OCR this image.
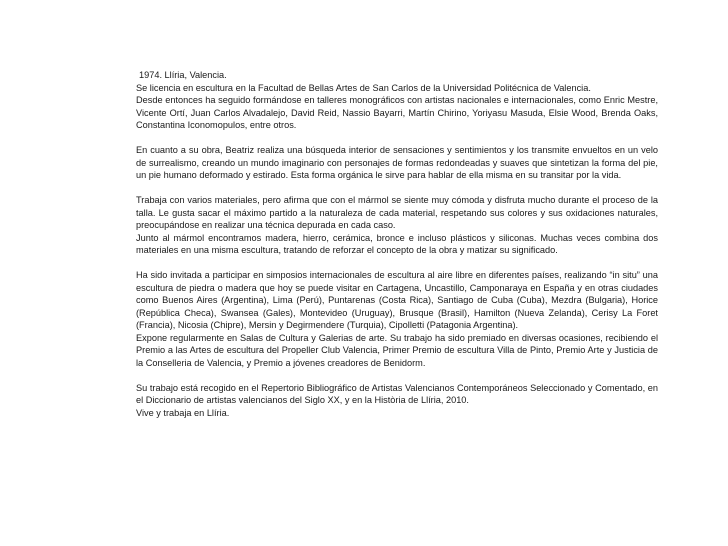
1974. Llíria, Valencia.
Se licencia en escultura en la Facultad de Bellas Artes de San Carlos de la Universidad Politécnica de Valencia.
Desde entonces ha seguido formándose en talleres monográficos con artistas nacionales e internacionales, como Enric Mestre, Vicente Ortí, Juan Carlos Alvadalejo, David Reid, Nassio Bayarri, Martín Chirino, Yoriyasu Masuda, Elsie Wood, Brenda Oaks, Constantina Iconomopulos, entre otros.
En cuanto a su obra, Beatriz realiza una búsqueda interior de sensaciones y sentimientos y los transmite envueltos en un velo de surrealismo, creando un mundo imaginario con personajes de formas redondeadas y suaves que sintetizan la forma del pie, un pie humano deformado y estirado. Esta forma orgánica le sirve para hablar de ella misma en su transitar por la vida.
Trabaja con varios materiales, pero afirma que con el mármol se siente muy cómoda y disfruta mucho durante el proceso de la talla. Le gusta sacar el máximo partido a la naturaleza de cada material, respetando sus colores y sus oxidaciones naturales, preocupándose en realizar una técnica depurada en cada caso.
Junto al mármol encontramos madera, hierro, cerámica, bronce e incluso plásticos y siliconas. Muchas veces combina dos materiales en una misma escultura, tratando de reforzar el concepto de la obra y matizar su significado.
Ha sido invitada a participar en simposios internacionales de escultura al aire libre en diferentes países, realizando “in situ” una escultura de piedra o madera que hoy se puede visitar en Cartagena, Uncastillo, Camponaraya en España y en otras ciudades como Buenos Aires (Argentina), Lima (Perú), Puntarenas (Costa Rica), Santiago de Cuba (Cuba), Mezdra (Bulgaria), Horice (República Checa), Swansea (Gales), Montevideo (Uruguay), Brusque (Brasil), Hamilton (Nueva Zelanda), Cerisy La Foret (Francia), Nicosia (Chipre), Mersin y Degirmendere (Turquia), Cipolletti (Patagonia Argentina).
Expone regularmente en Salas de Cultura y Galerias de arte. Su trabajo ha sido premiado en diversas ocasiones, recibiendo el Premio a las Artes de escultura del Propeller Club Valencia, Primer Premio de escultura Villa de Pinto, Premio Arte y Justicia de la Conselleria de Valencia, y Premio a jóvenes creadores de Benidorm.
Su trabajo está recogido en el Repertorio Bibliográfico de Artistas Valencianos Contemporáneos Seleccionado y Comentado, en el Diccionario de artistas valencianos del Siglo XX, y en la Història de Llíria, 2010.
Vive y trabaja en Llíria.
